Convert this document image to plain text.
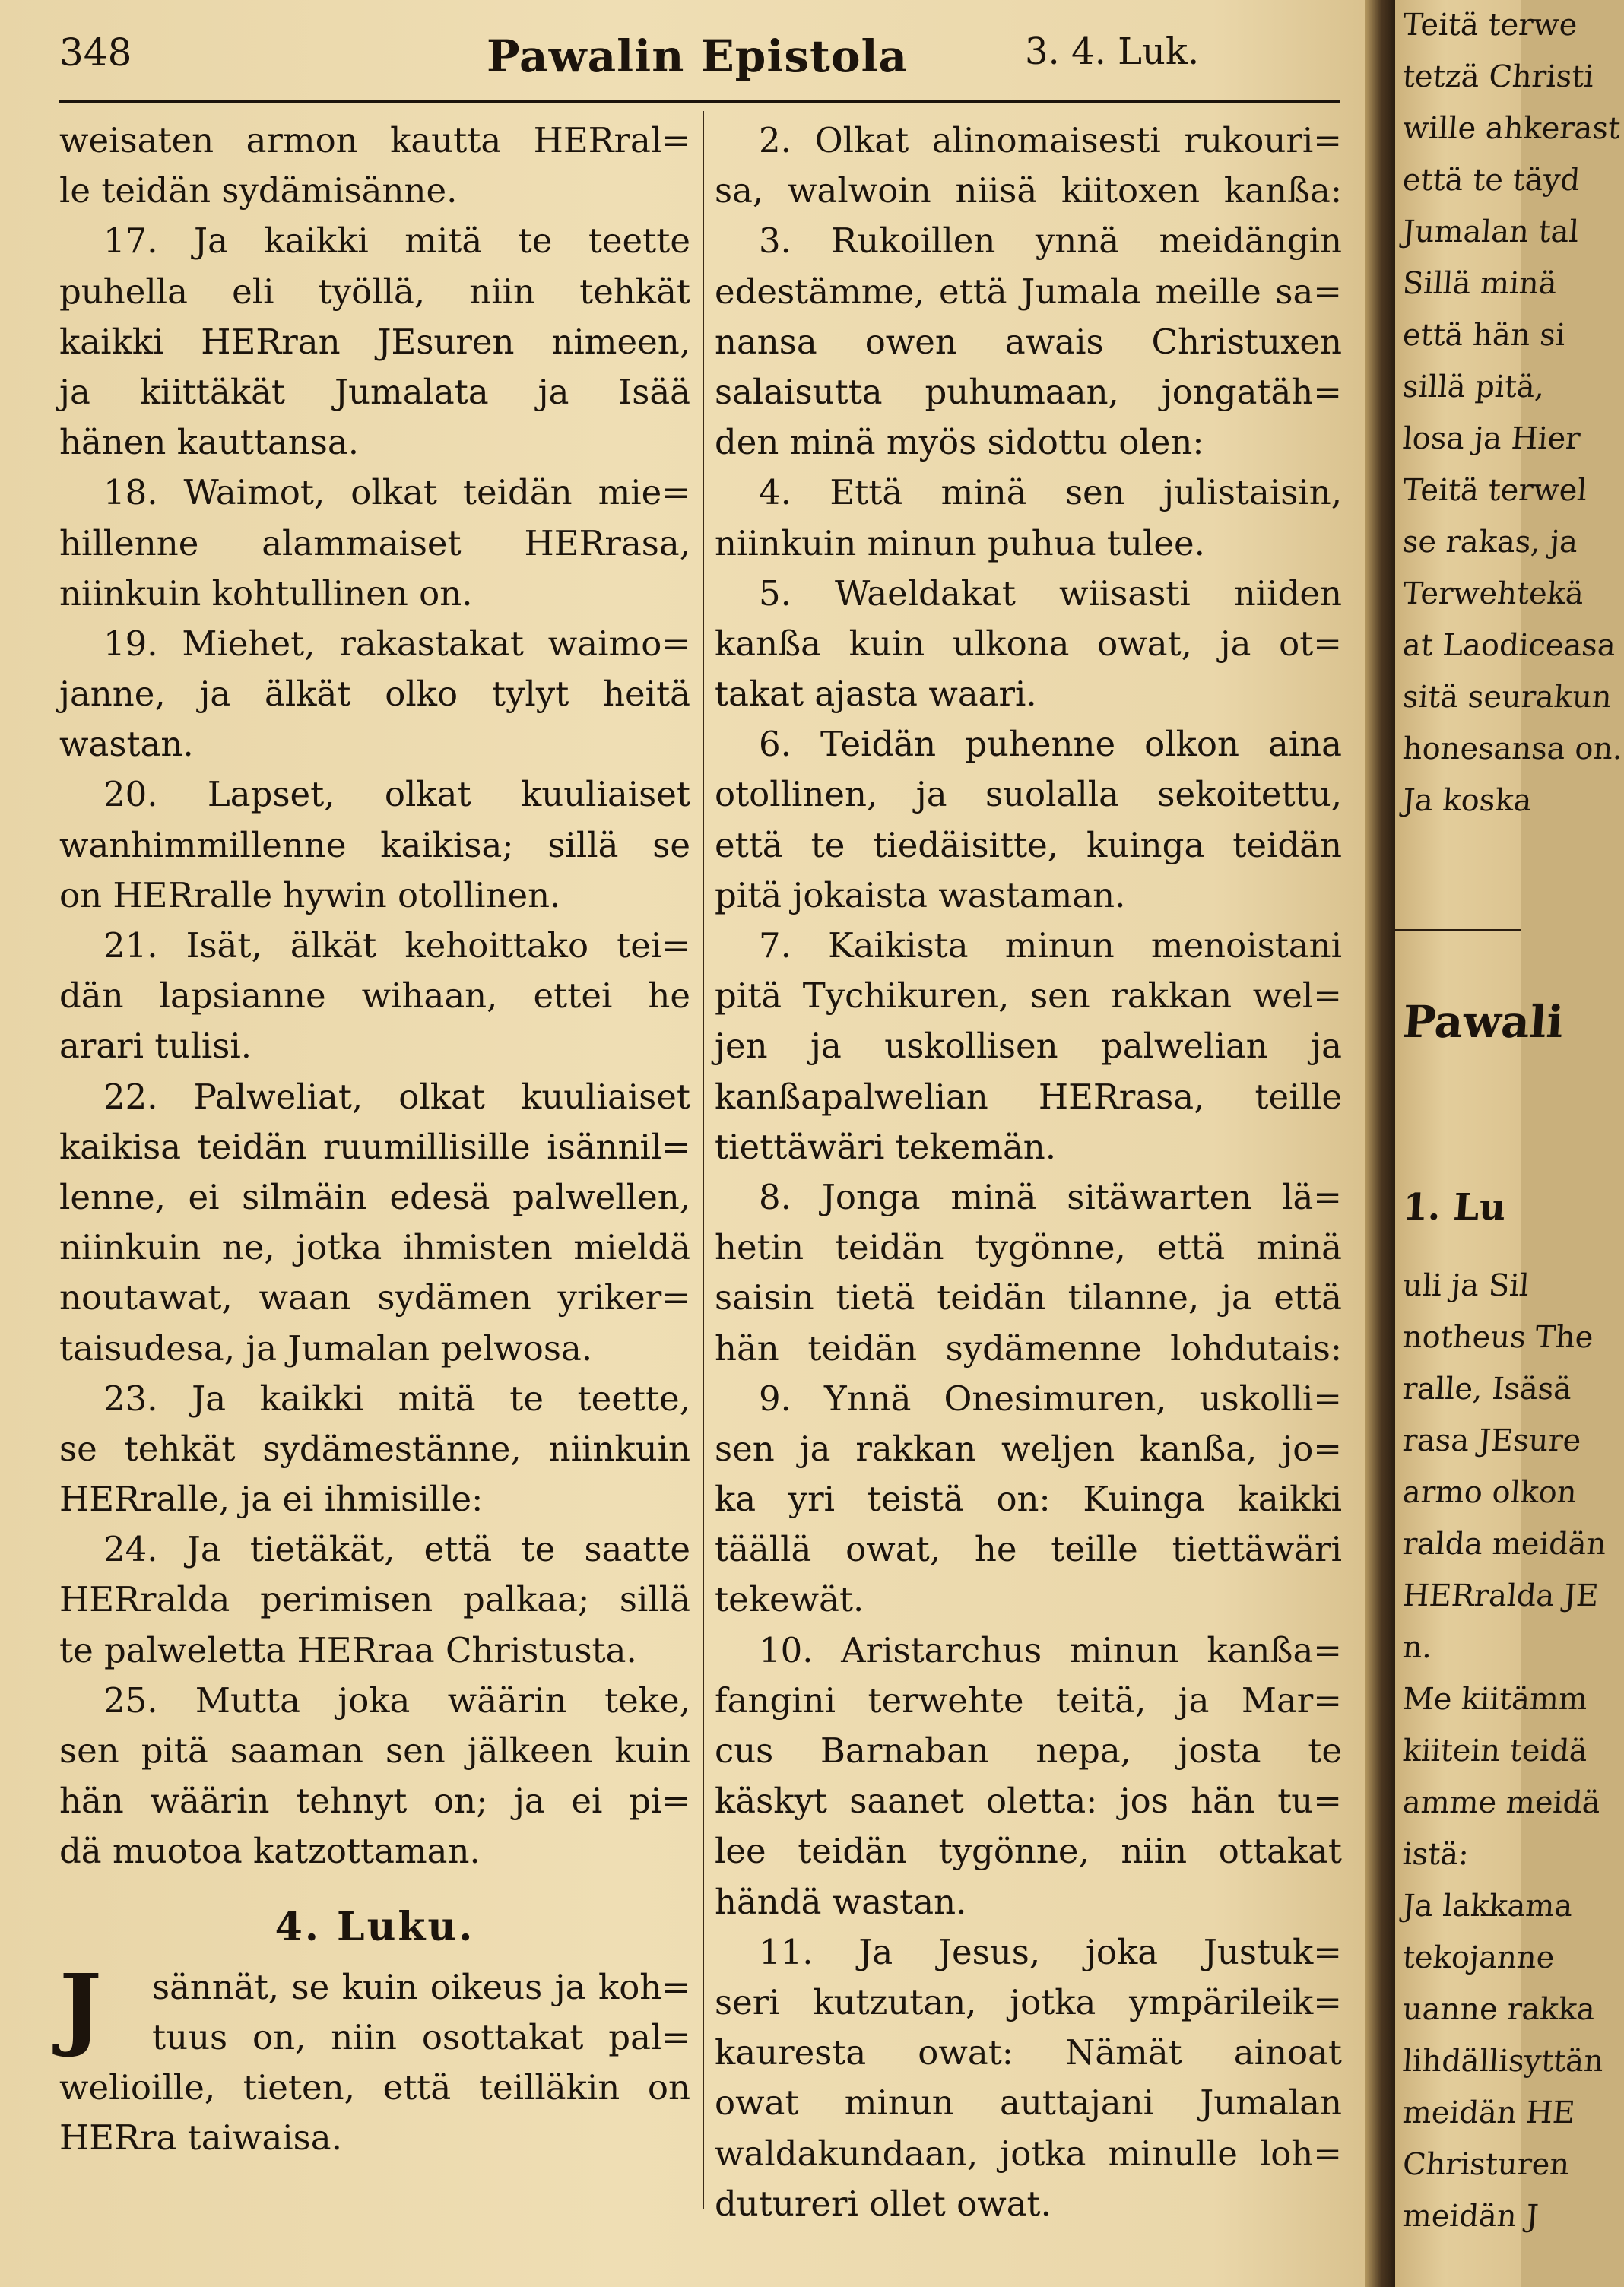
Teitä terwe
tetzä Christi
wille ahkerast
että te täyd
Jumalan tal
Sillä minä
että hän si
sillä pitä,
losa ja Hier
Teitä terwel
se rakas, ja
Terwehtekä
at Laodiceasa
sitä seurakun
honesansa on.
Ja koska
Pawali
1. Lu
uli ja Sil
notheus The
ralle, Isäsä
rasa JEsure
armo olkon
ralda meidän
HERralda JE
n.
Me kiitämm
kiitein teidä
amme meidä
istä:
Ja lakkama
tekojanne
uanne rakka
lihdällisyttän
meidän HE
Christuren
meidän J
348	Pawalin Epistola	3. 4. Luk.
weisaten armon kautta HERral=
le teidän sydämisänne.
17. Ja kaikki mitä te teette
puhella eli työllä, niin tehkät
kaikki HERran JEsuren nimeen,
ja kiittäkät Jumalata ja Isää
hänen kauttansa.
18. Waimot, olkat teidän mie=
hillenne alammaiset HERrasa,
niinkuin kohtullinen on.
19. Miehet, rakastakat waimo=
janne, ja älkät olko tylyt heitä
wastan.
20. Lapset, olkat kuuliaiset
wanhimmillenne kaikisa; sillä se
on HERralle hywin otollinen.
21. Isät, älkät kehoittako tei=
dän lapsianne wihaan, ettei he
arari tulisi.
22. Palweliat, olkat kuuliaiset
kaikisa teidän ruumillisille isännil=
lenne, ei silmäin edesä palwellen,
niinkuin ne, jotka ihmisten mieldä
noutawat, waan sydämen yriker=
taisudesa, ja Jumalan pelwosa.
23. Ja kaikki mitä te teette,
se tehkät sydämestänne, niinkuin
HERralle, ja ei ihmisille:
24. Ja tietäkät, että te saatte
HERralda perimisen palkaa; sillä
te palweletta HERraa Christusta.
25. Mutta joka wäärin teke,
sen pitä saaman sen jälkeen kuin
hän wäärin tehnyt on; ja ei pi=
dä muotoa katzottaman.
4. Luku.
J	sännät, se kuin oikeus ja koh=
tuus on, niin osottakat pal=
welioille, tieten, että teilläkin on
HERra taiwaisa.
2. Olkat alinomaisesti rukouri=
sa, walwoin niisä kiitoxen kanßa:
3. Rukoillen ynnä meidängin
edestämme, että Jumala meille sa=
nansa owen awais Christuxen
salaisutta puhumaan, jongatäh=
den minä myös sidottu olen:
4. Että minä sen julistaisin,
niinkuin minun puhua tulee.
5. Waeldakat wiisasti niiden
kanßa kuin ulkona owat, ja ot=
takat ajasta waari.
6. Teidän puhenne olkon aina
otollinen, ja suolalla sekoitettu,
että te tiedäisitte, kuinga teidän
pitä jokaista wastaman.
7. Kaikista minun menoistani
pitä Tychikuren, sen rakkan wel=
jen ja uskollisen palwelian ja
kanßapalwelian HERrasa, teille
tiettäwäri tekemän.
8. Jonga minä sitäwarten lä=
hetin teidän tygönne, että minä
saisin tietä teidän tilanne, ja että
hän teidän sydämenne lohdutais:
9. Ynnä Onesimuren, uskolli=
sen ja rakkan weljen kanßa, jo=
ka yri teistä on: Kuinga kaikki
täällä owat, he teille tiettäwäri
tekewät.
10. Aristarchus minun kanßa=
fangini terwehte teitä, ja Mar=
cus Barnaban nepa, josta te
käskyt saanet oletta: jos hän tu=
lee teidän tygönne, niin ottakat
händä wastan.
11. Ja Jesus, joka Justuk=
seri kutzutan, jotka ympärileik=
kauresta owat: Nämät ainoat
owat minun auttajani Jumalan
waldakundaan, jotka minulle loh=
dutureri ollet owat.
